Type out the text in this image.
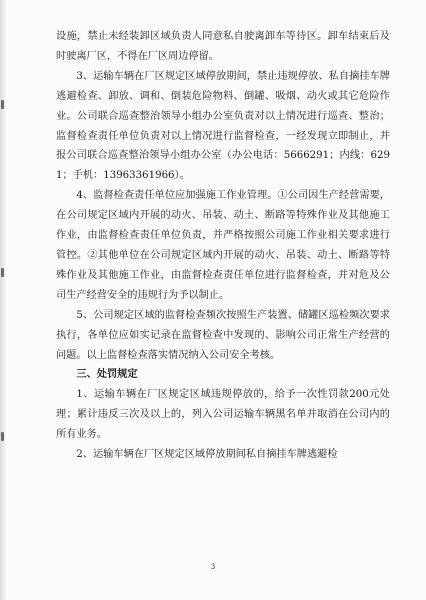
设施，禁止未经装卸区域负责人同意私自驶离卸车等待区。卸车结束后及时驶离厂区，不得在厂区周边停留。

3、运输车辆在厂区规定区域停放期间，禁止违规停放、私自摘挂车牌逃避检查、卸放、调和、倒装危险物料、倒罐、吸烟、动火或其它危险作业。公司联合巡查整治领导小组办公室负责对以上情况进行巡查、整治；监督检查责任单位负责对以上情况进行监督检查，一经发现立即制止，并报公司联合巡查整治领导小组办公室（办公电话：5666291；内线：6291；手机：13963361966）。

4、监督检查责任单位应加强施工作业管理。①公司因生产经营需要，在公司规定区域内开展的动火、吊装、动土、断路等特殊作业及其他施工作业，由监督检查责任单位负责，并严格按照公司施工作业相关要求进行管控。②其他单位在公司规定区域内开展的动火、吊装、动土、断路等特殊作业及其他施工作业，由监督检查责任单位进行监督检查，并对危及公司生产经营安全的违规行为予以制止。

5、公司规定区域的监督检查频次按照生产装置、储罐区巡检频次要求执行，各单位应如实记录在监督检查中发现的、影响公司正常生产经营的问题。以上监督检查落实情况纳入公司安全考核。

三、处罚规定

1、运输车辆在厂区规定区域违规停放的，给予一次性罚款200元处理；累计违反三次及以上的，列入公司运输车辆黑名单并取消在公司内的所有业务。

2、运输车辆在厂区规定区域停放期间私自摘挂车牌逃避检

3
